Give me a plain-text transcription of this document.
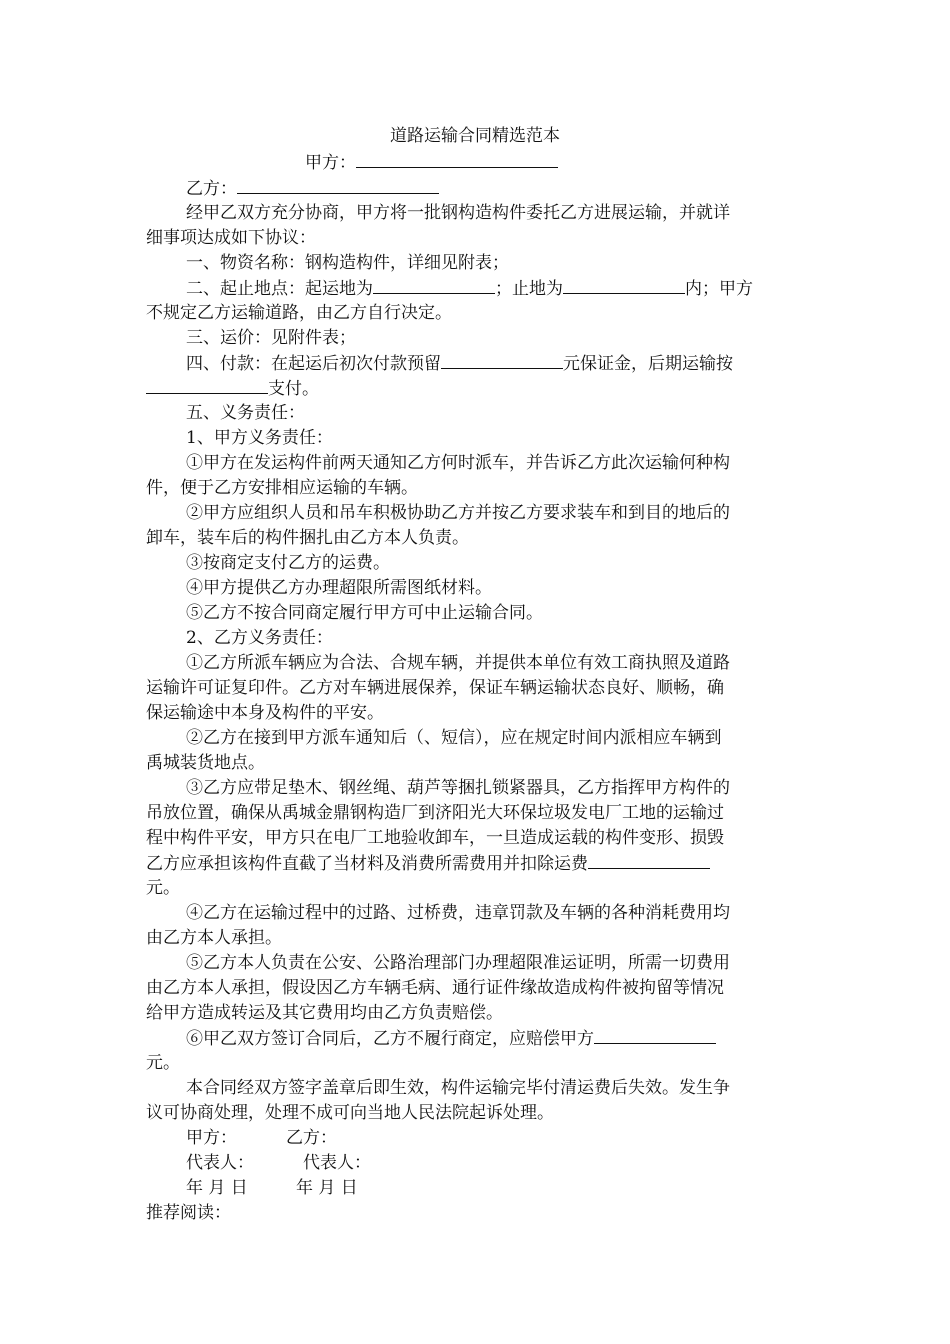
道路运输合同精选范本
甲方：
乙方：
经甲乙双方充分协商，甲方将一批钢构造构件委托乙方进展运输，并就详
细事项达成如下协议：
一、物资名称：钢构造构件，详细见附表；
二、起止地点：起运地为	；止地为	内；甲方
不规定乙方运输道路，由乙方自行决定。
三、运价：见附件表；
四、付款：在起运后初次付款预留	元保证金，后期运输按
支付。
五、义务责任：
1、甲方义务责任：
①甲方在发运构件前两天通知乙方何时派车，并告诉乙方此次运输何种构
件，便于乙方安排相应运输的车辆。
②甲方应组织人员和吊车积极协助乙方并按乙方要求装车和到目的地后的
卸车，装车后的构件捆扎由乙方本人负责。
③按商定支付乙方的运费。
④甲方提供乙方办理超限所需图纸材料。
⑤乙方不按合同商定履行甲方可中止运输合同。
2、乙方义务责任：
①乙方所派车辆应为合法、合规车辆，并提供本单位有效工商执照及道路
运输许可证复印件。乙方对车辆进展保养，保证车辆运输状态良好、顺畅，确
保运输途中本身及构件的平安。
②乙方在接到甲方派车通知后（、短信），应在规定时间内派相应车辆到
禹城装货地点。
③乙方应带足垫木、钢丝绳、葫芦等捆扎锁紧器具，乙方指挥甲方构件的
吊放位置，确保从禹城金鼎钢构造厂到济阳光大环保垃圾发电厂工地的运输过
程中构件平安，甲方只在电厂工地验收卸车，一旦造成运载的构件变形、损毁
乙方应承担该构件直截了当材料及消费所需费用并扣除运费
元。
④乙方在运输过程中的过路、过桥费，违章罚款及车辆的各种消耗费用均
由乙方本人承担。
⑤乙方本人负责在公安、公路治理部门办理超限准运证明，所需一切费用
由乙方本人承担，假设因乙方车辆毛病、通行证件缘故造成构件被拘留等情况
给甲方造成转运及其它费用均由乙方负责赔偿。
⑥甲乙双方签订合同后，乙方不履行商定，应赔偿甲方
元。
本合同经双方签字盖章后即生效，构件运输完毕付清运费后失效。发生争
议可协商处理，处理不成可向当地人民法院起诉处理。
甲方：	乙方：
代表人：	代表人：
年 月 日	年 月 日
推荐阅读：
